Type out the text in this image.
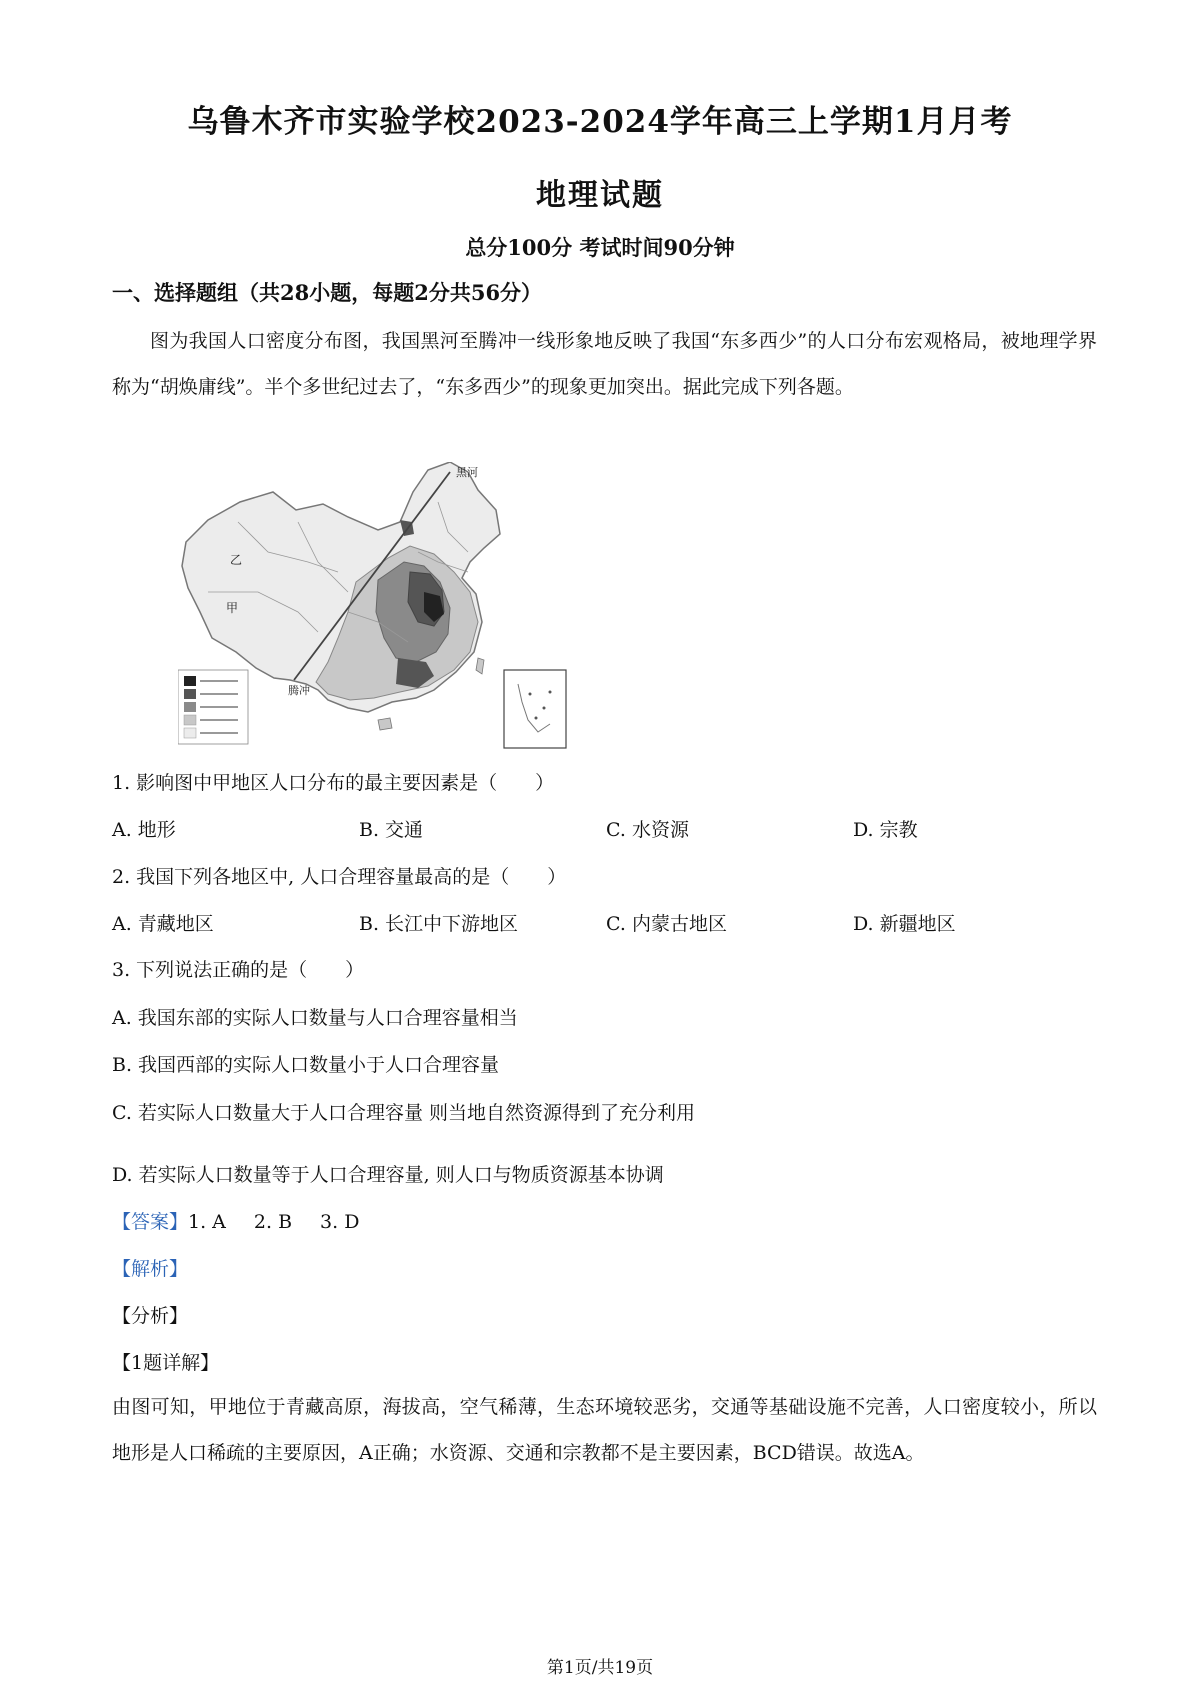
乌鲁木齐市实验学校2023-2024学年高三上学期1月月考
地理试题
总分100分 考试时间90分钟
一、选择题组（共28小题，每题2分共56分）
图为我国人口密度分布图，我国黑河至腾冲一线形象地反映了我国“东多西少”的人口分布宏观格局，被地理学界称为“胡焕庸线”。半个多世纪过去了，“东多西少”的现象更加突出。据此完成下列各题。
黑河
腾冲
甲
乙
1. 影响图中甲地区人口分布的最主要因素是（　　）
A. 地形	B. 交通	C. 水资源	D. 宗教
2. 我国下列各地区中, 人口合理容量最高的是（　　）
A. 青藏地区	B. 长江中下游地区	C. 内蒙古地区	D. 新疆地区
3. 下列说法正确的是（　　）
A. 我国东部的实际人口数量与人口合理容量相当
B. 我国西部的实际人口数量小于人口合理容量
C. 若实际人口数量大于人口合理容量 则当地自然资源得到了充分利用
D. 若实际人口数量等于人口合理容量, 则人口与物质资源基本协调
【答案】1. A 2. B 3. D
【解析】
【分析】
【1题详解】
由图可知，甲地位于青藏高原，海拔高，空气稀薄，生态环境较恶劣，交通等基础设施不完善，人口密度较小，所以地形是人口稀疏的主要原因，A正确；水资源、交通和宗教都不是主要因素，BCD错误。故选A。
第1页/共19页
